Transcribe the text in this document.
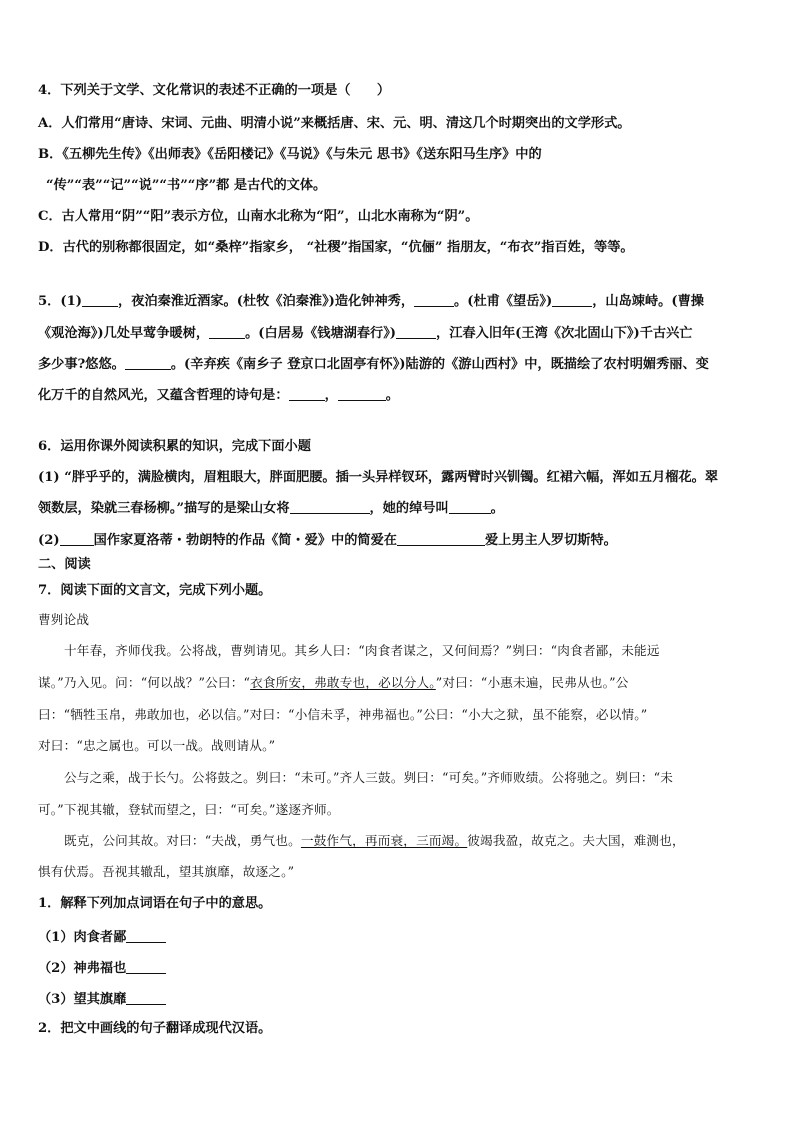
4．下列关于文学、文化常识的表述不正确的一项是（　　）
A．人们常用“唐诗、宋词、元曲、明清小说”来概括唐、宋、元、明、清这几个时期突出的文学形式。
B．《五柳先生传》《出师表》《岳阳楼记》《马说》《与朱元 思书》《送东阳马生序》中的
“传”“表”“记”“说”“书”“序”都 是古代的文体。
C．古人常用“阴”“阳”表示方位，山南水北称为“阳”，山北水南称为“阴”。
D．古代的别称都很固定，如“桑梓”指家乡， “社稷”指国家，“伉俪” 指朋友，“布衣”指百姓，等等。
5．(1)	，夜泊秦淮近酒家。(杜牧《泊秦淮》)造化钟神秀，	。(杜甫《望岳》)	，山岛竦峙。(曹操
《观沧海》)几处早莺争暖树，	。(白居易《钱塘湖春行》)	，江春入旧年(王湾《次北固山下》)千古兴亡
多少事?悠悠。	。(辛弃疾《南乡子 登京口北固亭有怀》)陆游的《游山西村》中，既描绘了农村明媚秀丽、变
化万千的自然风光，又蕴含哲理的诗句是：	，	。
6．运用你课外阅读积累的知识，完成下面小题
(1) “胖乎乎的，满脸横肉，眉粗眼大，胖面肥腰。插一头异样钗环，露两臂时兴钏镯。红裙六幅，浑如五月榴花。翠
领数层，染就三春杨柳。”描写的是梁山女将	，她的绰号叫	。
(2)	国作家夏洛蒂・勃朗特的作品《简・爱》中的简爱在	爱上男主人罗切斯特。
二、阅读
7．阅读下面的文言文，完成下列小题。
曹刿论战
十年春，齐师伐我。公将战，曹刿请见。其乡人曰：“肉食者谋之，又何间焉？”刿曰：“肉食者鄙，未能远
谋。”乃入见。问：“何以战？”公曰：“衣食所安，弗敢专也，必以分人。”对曰：“小惠未遍，民弗从也。”公
曰：“牺牲玉帛，弗敢加也，必以信。”对曰：“小信未孚，神弗福也。”公曰：“小大之狱，虽不能察，必以情。”
对曰：“忠之属也。可以一战。战则请从。”
公与之乘，战于长勺。公将鼓之。刿曰：“未可。”齐人三鼓。刿曰：“可矣。”齐师败绩。公将驰之。刿曰：“未
可。”下视其辙，登轼而望之，曰：“可矣。”遂逐齐师。
既克，公问其故。对曰：“夫战，勇气也。一鼓作气，再而衰，三而竭。彼竭我盈，故克之。夫大国，难测也，
惧有伏焉。吾视其辙乱，望其旗靡，故逐之。”
1．解释下列加点词语在句子中的意思。
（1）肉食者鄙
（2）神弗福也
（3）望其旗靡
2．把文中画线的句子翻译成现代汉语。
